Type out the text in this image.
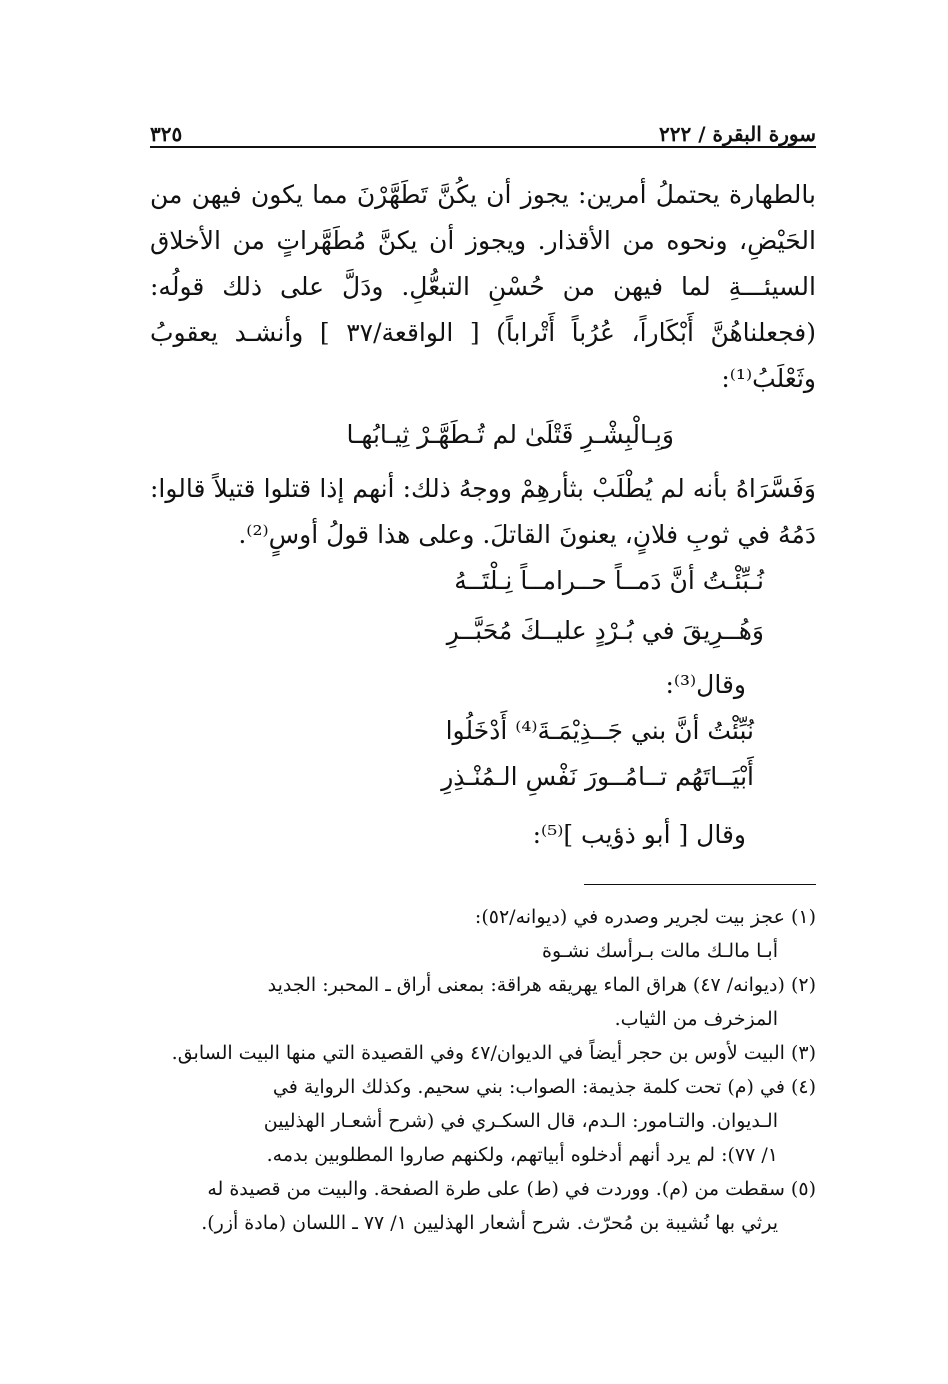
سورة البقرة / ٢٢٢
٣٢٥

بالطهارة يحتملُ أمرين: يجوز أن يكُنَّ تَطَهَّرْنَ مما يكون فيهن من الحَيْضِ، ونحوه من الأقذار. ويجوز أن يكنَّ مُطَهَّراتٍ من الأخلاق السيئـــةِ لما فيهن من حُسْنِ التبعُّلِ. ودَلَّ على ذلك قولُه: (فجعلناهُنَّ أَبْكَاراً، عُرُباً أَتْراباً) [ الواقعة/٣٧ ] وأنشـد يعقوبُ وثَعْلَبُ⁽¹⁾:

وَبِـالْبِشْـرِ قَتْلَىٰ لم تُـطَهَّـرْ ثِيـابُهـا

وَفَسَّرَاهُ بأنه لم يُطْلَبْ بثأرهِمْ ووجهُ ذلك: أنهم إذا قتلوا قتيلاً قالوا: دَمُهُ في ثوبِ فلانٍ، يعنونَ القاتلَ. وعلى هذا قولُ أوسٍ⁽²⁾.

نُـبِّئْـتُ أنَّ دَمــاً حــرامــاً نِـلْتَــهُ

وَهُــرِيقَ في بُـرْدٍ عليــكَ مُحَبَّــرِ

وقال⁽³⁾:

نُبِّئْتُ أنَّ بني جَــذِيْمَـةَ⁽⁴⁾ أَدْخَلُوا

أَبْيَــاتَهُم تــامُــورَ نَفْسِ الـمُنْـذِرِ

وقال [ أبو ذؤيب ]⁽⁵⁾:

(١) عجز بيت لجرير وصدره في (ديوانه/٥٢):

أبـا مالـك مالت بـرأسك نشـوة

(٢) (ديوانه/ ٤٧) هراق الماء يهريقه هراقة: بمعنى أراق ـ المحبر: الجديد

المزخرف من الثياب.

(٣) البيت لأوس بن حجر أيضاً في الديوان/٤٧ وفي القصيدة التي منها البيت السابق.

(٤) في (م) تحت كلمة جذيمة: الصواب: بني سحيم. وكذلك الرواية في

الـديوان. والتـامور: الـدم، قال السكـري في (شرح أشعـار الهذليين

١/ ٧٧): لم يرد أنهم أدخلوه أبياتهم، ولكنهم صاروا المطلوبين بدمه.

(٥) سقطت من (م). ووردت في (ط) على طرة الصفحة. والبيت من قصيدة له

يرثي بها نُشيبة بن مُحرّث. شرح أشعار الهذليين ١/ ٧٧ ـ اللسان (مادة أزر).
